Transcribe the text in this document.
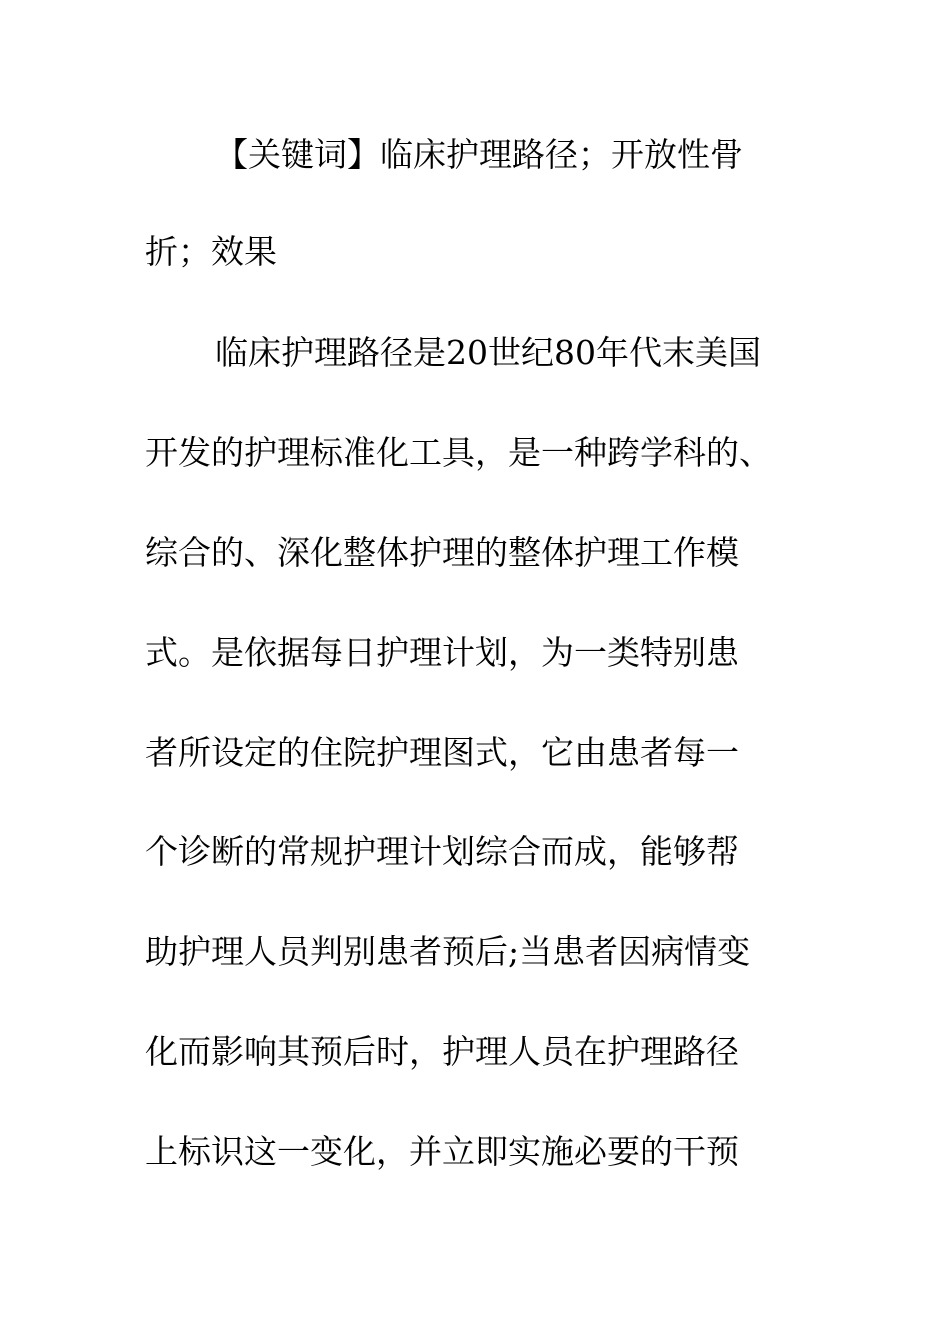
【关键词】临床护理路径；开放性骨
折；效果
临床护理路径是20世纪80年代末美国
开发的护理标准化工具，是一种跨学科的、
综合的、深化整体护理的整体护理工作模
式。是依据每日护理计划，为一类特别患
者所设定的住院护理图式，它由患者每一
个诊断的常规护理计划综合而成，能够帮
助护理人员判别患者预后;当患者因病情变
化而影响其预后时，护理人员在护理路径
上标识这一变化，并立即实施必要的干预
